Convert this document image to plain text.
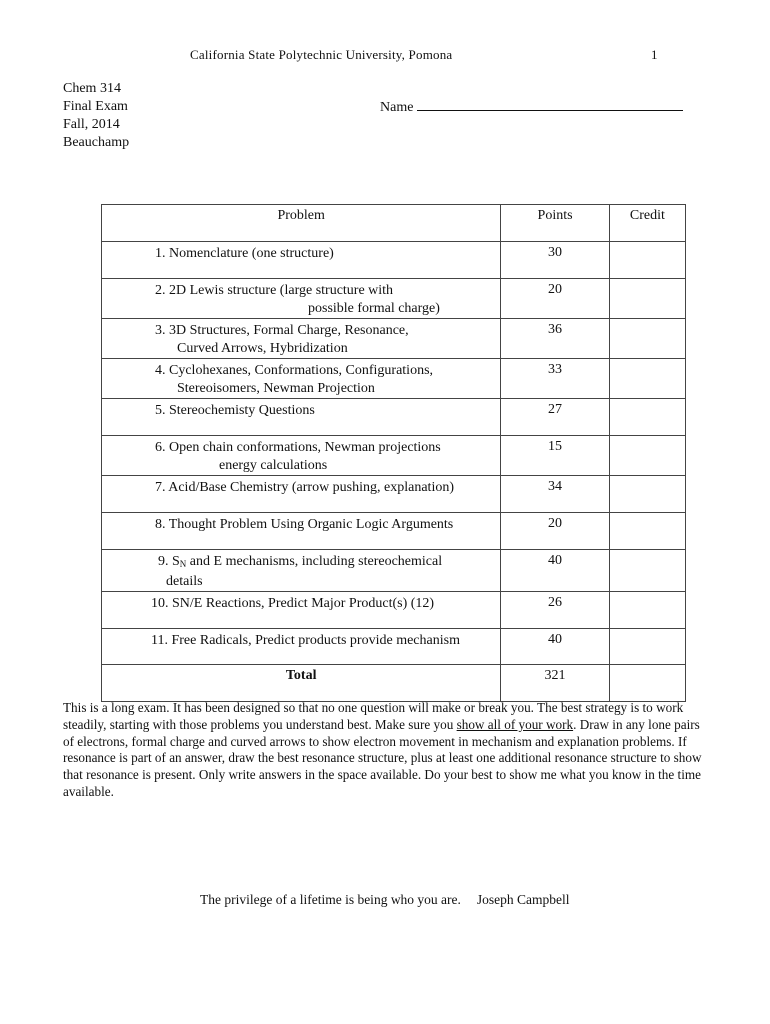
California State Polytechnic University, Pomona	1
Chem 314
Final Exam
Fall, 2014
Beauchamp
Name
Problem	Points	Credit
1. Nomenclature (one structure)	30	

2. 2D Lewis structure (large structure with
possible formal charge)	20	

3. 3D Structures, Formal Charge, Resonance,
Curved Arrows, Hybridization	36	

4. Cyclohexanes, Conformations, Configurations,
Stereoisomers, Newman Projection	33	
5. Stereochemisty Questions	27	

6. Open chain conformations, Newman projections
energy calculations	15	
7. Acid/Base Chemistry (arrow pushing, explanation)	34	
8. Thought Problem Using Organic Logic Arguments	20	

9. $S_N$ and E mechanisms, including stereochemical
details	40	
10. SN/E Reactions, Predict Major Product(s) (12)	26	
11. Free Radicals, Predict products provide mechanism	40	
Total	321	
This is a long exam. It has been designed so that no one question will make or break you. The best strategy is to work steadily, starting with those problems you understand best. Make sure you show all of your work. Draw in any lone pairs of electrons, formal charge and curved arrows to show electron movement in mechanism and explanation problems. If resonance is part of an answer, draw the best resonance structure, plus at least one additional resonance structure to show that resonance is present. Only write answers in the space available. Do your best to show me what you know in the time available.
The privilege of a lifetime is being who you are. Joseph Campbell
